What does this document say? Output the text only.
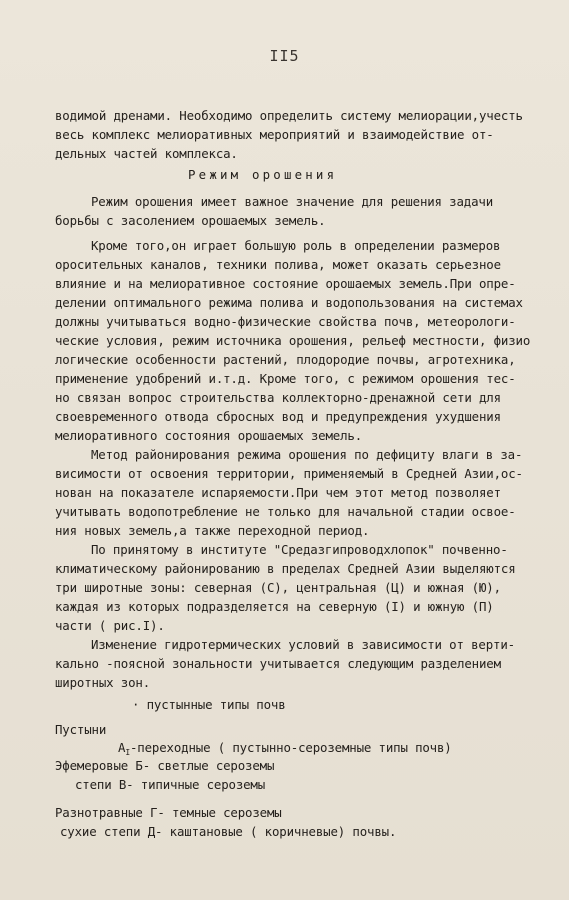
II5
водимой дренами. Необходимо определить систему мелиорации,учесть
весь комплекс мелиоративных мероприятий и взаимодействие от-
дельных частей комплекса.
Режим орошения
Режим орошения имеет важное значение для решения задачи
борьбы с засолением орошаемых земель.
Кроме того,он играет большую роль в определении размеров
оросительных каналов, техники полива, может оказать серьезное
влияние и на мелиоративное состояние орошаемых земель.При опре-
делении оптимального режима полива и водопользования на системах
должны учитываться водно-физические свойства почв, метеорологи-
ческие условия, режим источника орошения, рельеф местности, физио
логические особенности растений, плодородие почвы, агротехника,
применение удобрений и.т.д. Кроме того, с режимом орошения тес-
но связан вопрос строительства коллекторно-дренажной сети для
своевременного отвода сбросных вод и предупреждения ухудшения
мелиоративного состояния орошаемых земель.
Метод районирования режима орошения по дефициту влаги в за-
висимости от освоения территории, применяемый в Средней Азии,ос-
нован на показателе испаряемости.При чем этот метод позволяет
учитывать водопотребление не только для начальной стадии освое-
ния новых земель,а также переходной период.
По принятому в институте "Средазгипроводхлопок" почвенно-
климатическому районированию в пределах Средней Азии выделяются
три широтные зоны: северная (С), центральная (Ц) и южная (Ю),
каждая из которых подразделяется на северную (I) и южную (П)
части ( рис.I).
Изменение гидротермических условий в зависимости от верти-
кально -поясной зональности учитывается следующим разделением
широтных зон.
· пустынные типы почв
Пустыни
$А_I$-переходные ( пустынно-сероземные типы почв)
Эфемеровые Б- светлые сероземы
степи В- типичные сероземы
Разнотравные Г- темные сероземы
сухие степи Д- каштановые ( коричневые) почвы.
